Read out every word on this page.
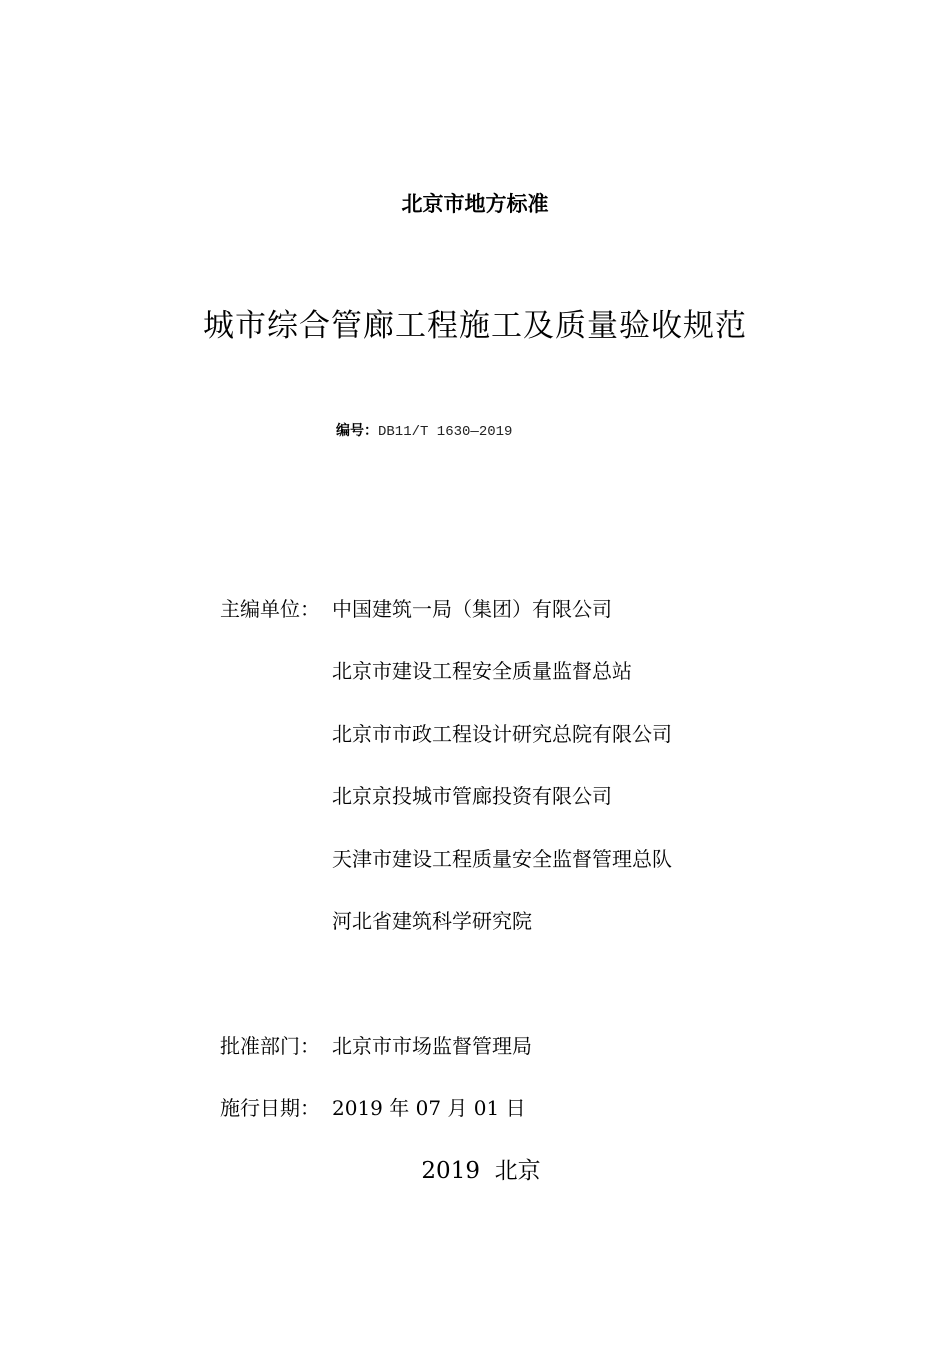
北京市地方标准
城市综合管廊工程施工及质量验收规范
编号：DB11/T 1630—2019
主编单位： 中国建筑一局（集团）有限公司
北京市建设工程安全质量监督总站
北京市市政工程设计研究总院有限公司
北京京投城市管廊投资有限公司
天津市建设工程质量安全监督管理总队
河北省建筑科学研究院
批准部门： 北京市市场监督管理局
施行日期： 2019 年 07 月 01 日
2019  北京
